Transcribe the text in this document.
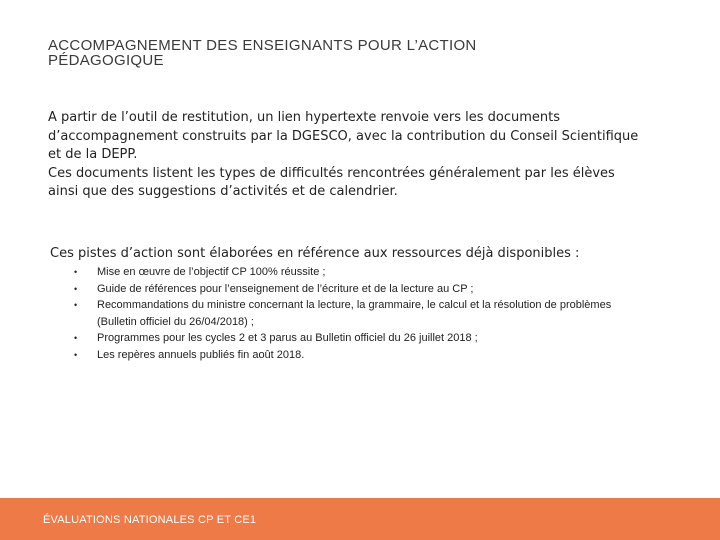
ACCOMPAGNEMENT DES ENSEIGNANTS POUR L’ACTION
PÉDAGOGIQUE
A partir de l’outil de restitution, un lien hypertexte renvoie vers les documents
d’accompagnement construits par la DGESCO, avec la contribution du Conseil Scientifique
et de la DEPP.
Ces documents listent les types de difficultés rencontrées généralement par les élèves
ainsi que des suggestions d’activités et de calendrier.

Ces pistes d’action sont élaborées en référence aux ressources déjà disponibles :

• Mise en œuvre de l’objectif CP 100% réussite ;
• Guide de références pour l’enseignement de l’écriture et de la lecture au CP ;
• Recommandations du ministre concernant la lecture, la grammaire, le calcul et la résolution de problèmes (Bulletin officiel du 26/04/2018) ;
• Programmes pour les cycles 2 et 3 parus au Bulletin officiel du 26 juillet 2018 ;
• Les repères annuels publiés fin août 2018.
ÉVALUATIONS NATIONALES CP ET CE1
